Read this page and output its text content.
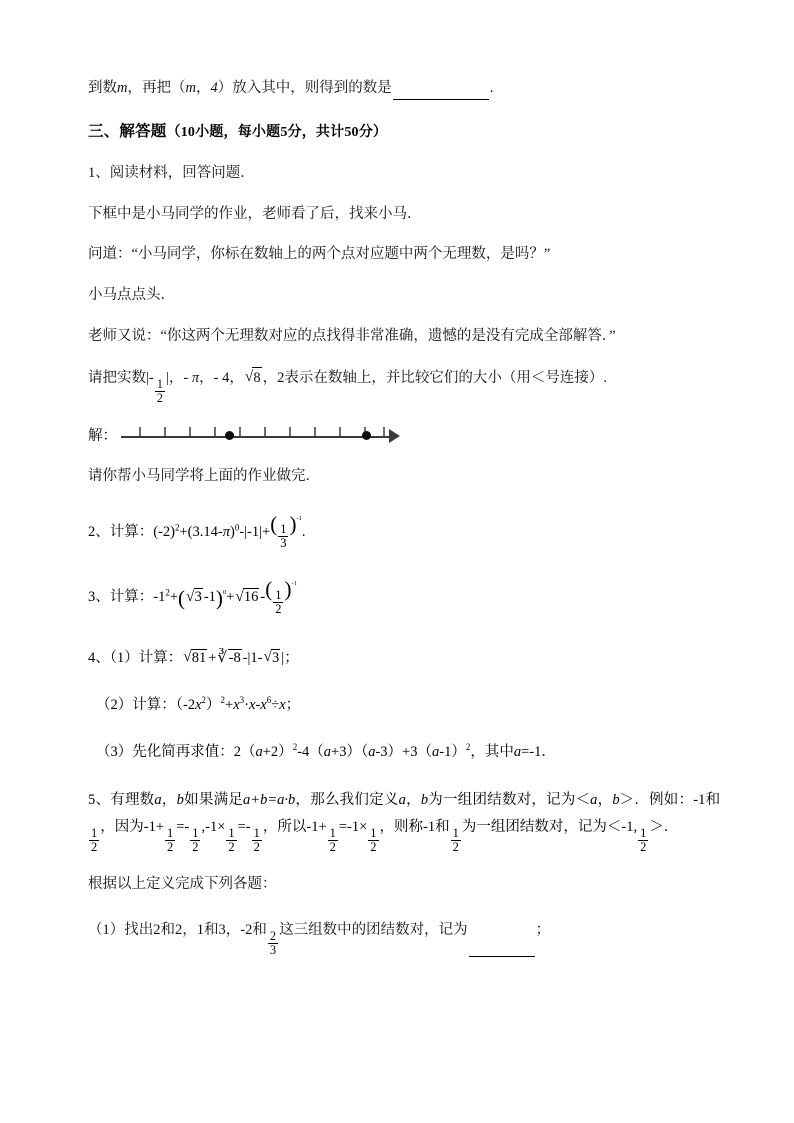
到数m，再把（m，4）放入其中，则得到的数是	.
三、解答题（10小题，每小题5分，共计50分）
1、阅读材料，回答问题．
下框中是小马同学的作业，老师看了后，找来小马．
问道：“小马同学，你标在数轴上的两个点对应题中两个无理数，是吗？”
小马点点头．
老师又说：“你这两个无理数对应的点找得非常准确，遗憾的是没有完成全部解答．”
请把实数|-
$\frac{1}{2}$
|，- π，- 4， √ 8 ，2表示在数轴上，并比较它们的大小（用＜号连接）.
解：
请你帮小马同学将上面的作业做完．
2、计算：$(-2)^2+(3.14-\pi)^0-|-1|+( \frac{1}{3} )^{-1}$.
3、计算：$-1^2+$( √ 3 -1)$^0$+ √ 16 -( $\frac{1}{2} )^{-1}$
4、（1）计算： √ 81 + ∛ -8 -|1- √ 3 |；
（2）计算：$(-2x^2)^2+x^3\cdot x-x^6\div x$；
（3）先化简再求值：$2(a+2)^2-4(a+3)(a-3)+3(a-1)^2$，其中a=-1．
5、有理数a，b如果满足a+b=a·b，那么我们定义a，b为一组团结数对，记为＜a，b＞．例如：-1和
$\frac{1}{2}$
，因为-1+
$\frac{1}{2}$
=-
$\frac{1}{2}$
,-1×
$\frac{1}{2}$
=-
$\frac{1}{2}$
，所以-1+
$\frac{1}{2}$
=-1×
$\frac{1}{2}$
，则称-1和
$\frac{1}{2}$
为一组团结数对，记为＜-1,
$\frac{1}{2}$
＞．
根据以上定义完成下列各题：
（1）找出2和2，1和3，-2和
$\frac{2}{3}$
这三组数中的团结数对，记为	；
